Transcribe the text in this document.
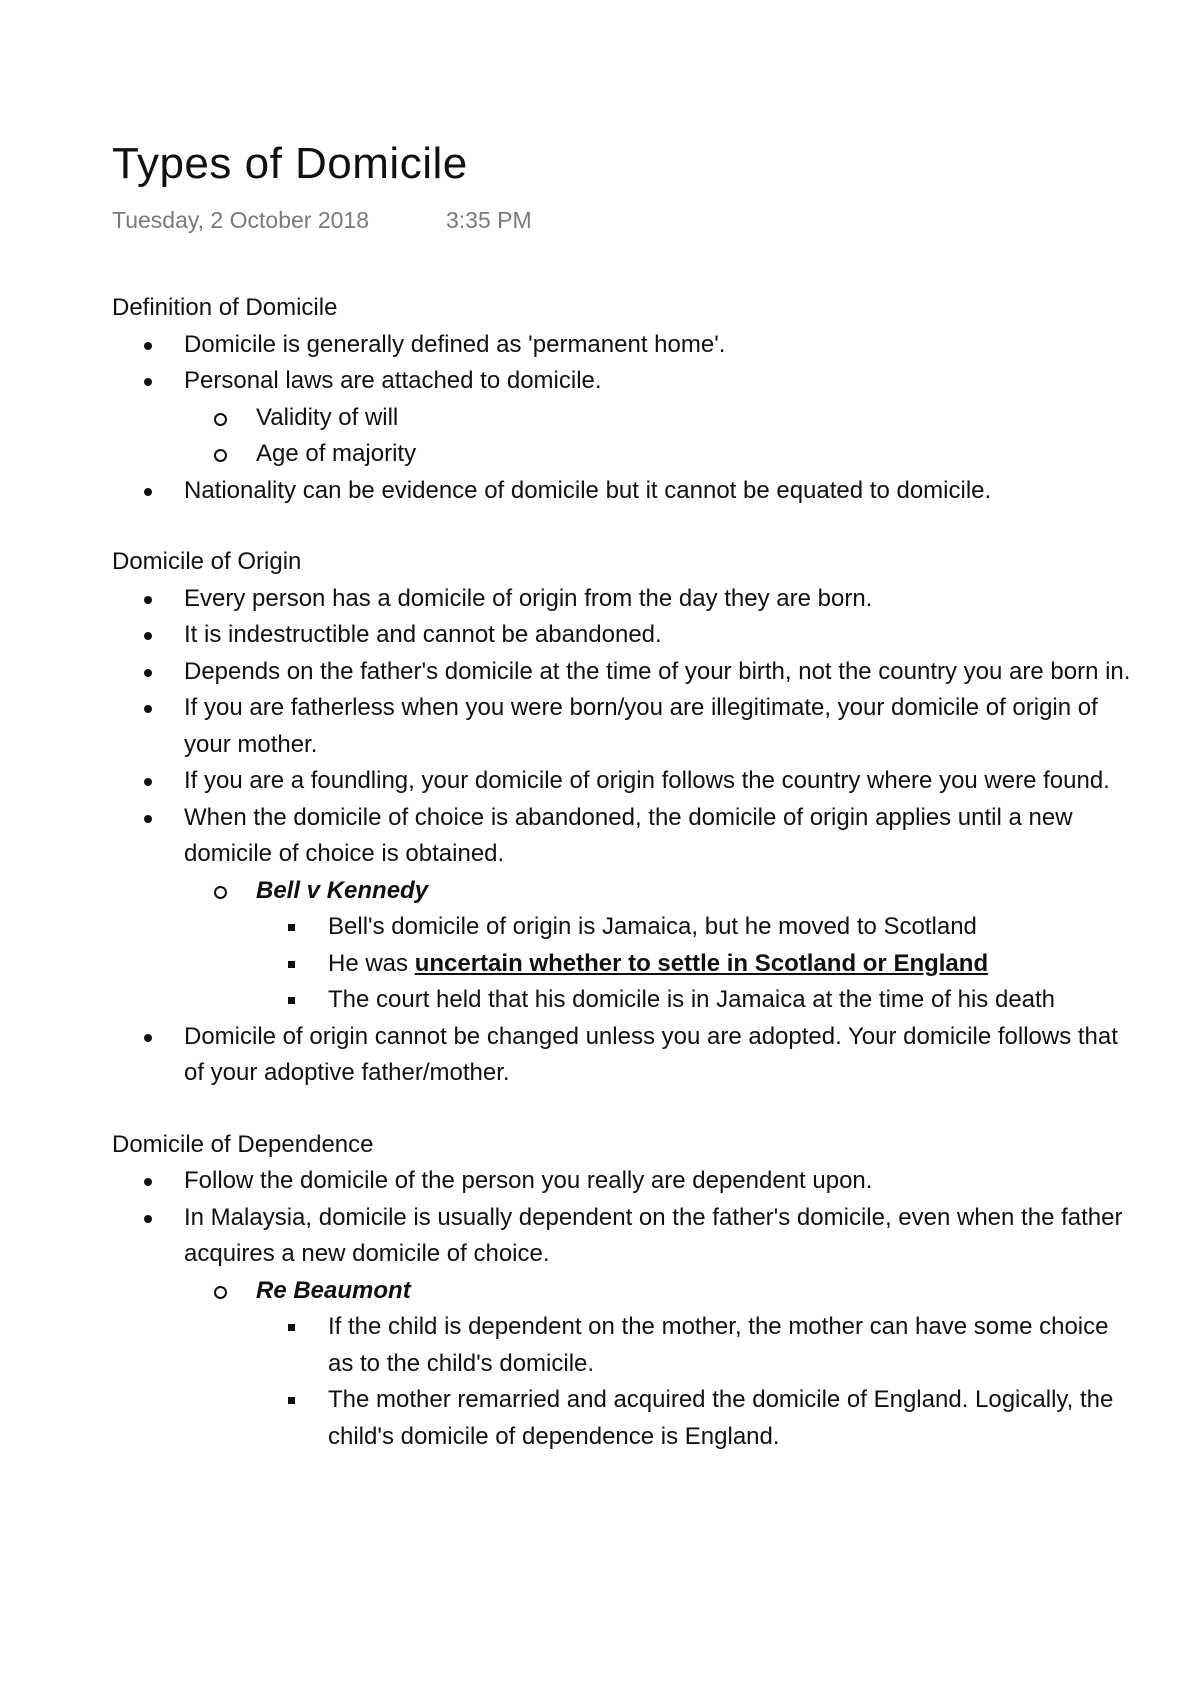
Types of Domicile
Tuesday, 2 October 2018	3:35 PM
Definition of Domicile
Domicile is generally defined as 'permanent home'.
Personal laws are attached to domicile.
Validity of will
Age of majority
Nationality can be evidence of domicile but it cannot be equated to domicile.
Domicile of Origin
Every person has a domicile of origin from the day they are born.
It is indestructible and cannot be abandoned.
Depends on the father's domicile at the time of your birth, not the country you are born in.
If you are fatherless when you were born/you are illegitimate, your domicile of origin of your mother.
If you are a foundling, your domicile of origin follows the country where you were found.
When the domicile of choice is abandoned, the domicile of origin applies until a new domicile of choice is obtained.
Bell v Kennedy
Bell's domicile of origin is Jamaica, but he moved to Scotland
He was uncertain whether to settle in Scotland or England
The court held that his domicile is in Jamaica at the time of his death
Domicile of origin cannot be changed unless you are adopted. Your domicile follows that of your adoptive father/mother.
Domicile of Dependence
Follow the domicile of the person you really are dependent upon.
In Malaysia, domicile is usually dependent on the father's domicile, even when the father acquires a new domicile of choice.
Re Beaumont
If the child is dependent on the mother, the mother can have some choice as to the child's domicile.
The mother remarried and acquired the domicile of England. Logically, the child's domicile of dependence is England.
